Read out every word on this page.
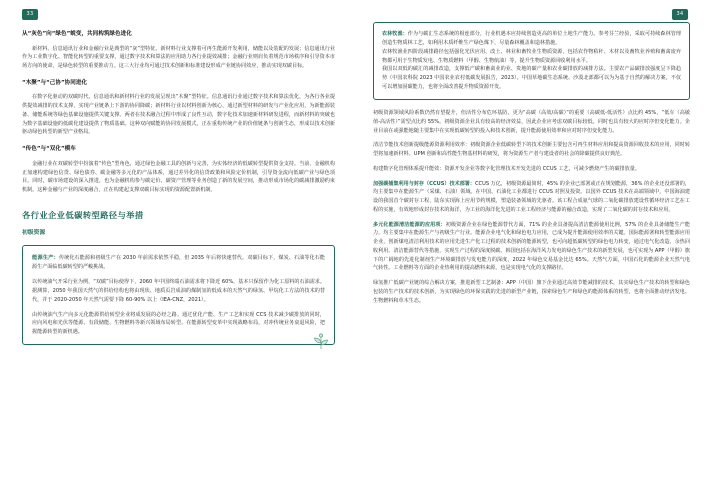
33	34
从“灰色”向“绿色”蜕变，共同构筑绿色进化

新材料、信息通讯行业和金融行业是典型的“灰”型特征。新材料行业支撑着可再生能源开发利用，储能以及装配的发展；信息通讯行业作为工业数字化、智能化转型的重要支撑，通过数字技术和算法的应用助力各行业提效减排；金融行业则肩负着规范市场秩序和引导资本市场方向的使命，是绿色转型的重要推动力。这三大行业均可通过技术创新和标准建设形成产业链协同效应，推动实现双碳目标。

“木聚”与“己协”协同进化

在数字化驱动的双碳时代，信息通讯和新材料行业的发展呈现出“木聚”型特征。信息通讯行业通过数字技术和算法优化，为各行各业提供提效减排的技术支撑，实现产业链条上下游的协同降碳；新材料行业以材料创新为核心，通过新型材料的研发与产业化应用，为新能源装备、储能系统等绿色基础设施提供关键支撑。两者在技术融合过程中形成了良性互动，数字化技术加速新材料研发进程，而新材料的突破也为数字基础设施的低碳化建设提供了物质基础。这种双向赋能的协同发展模式，正在重构传统产业的价值链条与创新生态，形成以技术创新驱动绿色转型的新型产业格局。

“传色”与“双化”模车

金融行业在双碳转型中扮演着“传色”型角色，通过绿色金融工具的创新与完善，为实体经济的低碳转型提供资金支持。当前，金融机构正加速构建绿色信贷、绿色债券、碳金融等多元化的产品体系，通过差异化的信贷政策和风险定价机制，引导资金流向低碳产业与绿色项目。同时，碳市场建设的深入推进，也为金融机构参与碳定价、碳资产管理等业务创造了新的发展空间，推动形成市场化的碳减排激励约束机制。这种金融与产业的深度融合，正在构建起支撑双碳目标实现的资源配置新机制。

各行业企业低碳转型路径与举措
初级资源

能源生产：传统化石能源和初级生产在 2030 年前需求依然平稳，但 2035 年后将快速替代。双碳目标下，煤炭、石油等化石能源生产面临低碳转型的严峻挑战。

以传统油气开采行业为例，“双碳”目标使得下，2060 年中国终端石油需求将下降近 60%，基本只保留作为化工原料的石油需求。据测算，2050 年我国天然气的供给结构也将由现状、地质页岩成油的煤制氢的低成本的天然气的绿氢、甲烷化工方法的技术的替代，并于 2020-2050 年天然气需要下降 60-90% 以上（IEA-CNZ，2021）。

由传统油气生产向多元化能源供给转型企业将成发展的必经之路。通过优化产能、生产工艺和实现 CCS 技术减少碳排放的同时，应向风电和光伏等能源、有段储能、生物燃料等新兴领域布局转型。在能源转型变革中实现战略布局，对冲传统业务衰退风险，把握能源转型的新机遇。

农林牧渔：作为与碳汇生态系统的相连部分，行业机遇本应持续创造更高的单位土地生产能力。参考芬兰经验，采取可持续森林管理创造生物质林工艺，如利用木质纤维生产绿色煤下，尽量森林覆盖和造林措施。

农林牧渔业四阶段减排路径包括强化光伏应用、改土、林业和畜牧业生物质资源，包括农作物秸秆、木材以及畜牧业养殖和畜禽废弃物都可用于生物质发电、生物质燃料（甲醇、生物航油）等，提升生物质资源回收利用水平。

我国以双低的碳汇的减排改造，支撑低产碳和畜禽业的业、贵地的碳产量和农业碳排放的减排方法。主要农产品碳排放强度呈下降趋势（中国农科院 2023 中国农业农村低碳发展报告，2023）。中国草地碳生态系统、沙漠北部都可以为为基于自然的解决方案，不仅可以增加固碳能力，也将全面改善提升物质资源开发。

初级资源领域风险系数仍然有望提升，但活性分布危环基防，更为“高碳（高效/高碳）”的重要（高碳低-低活性）点比约 45%，“低车（高敏值-高活性）”需型点比约 55%。初级资源企业具有较高的经济效益，因此企业应考虑双碳目标较低。同时也具有较大的应时序但变化能力。企业目前在或强能地随主要集中在实现低碳转型的投入和技术创新，提升能源使用效率和应对时序但变化能力。

清洁节能技术创新提级能源资源利用效率：初级资源企业低碳转型下的技术创新主要包含可再生材料应用和提高资源回收技术的应用，同时转型将加速新材料。UPM 创新和高性能生物基材料的研发，将为资源生产者与建设者的社会的降碳提供良好典范。

构建数字化管理体系提升能效：资源开发企业等数字化管理技术开发先进的 CCUS 工艺，可减少燃烧产生的碳排放量。

加强碳捕集利用与封存（CCUS）技术部署：CCUS 万亿，初级资源最简时，45% 的企业已部署或正在规划能源，36% 的企业还没部署的，均主要集中在能源生产（采煤、石油）领域。在中国、石油化工业都进行 CCUS 对照及投资。以国外 CCUS 技术在高端领域中，中国海油建设的我国首个碳封存工程，陆东实现海上应用节约规模，塑造装备领域的先驱者。该工程合成氨气球的二氧化碳排放建设性循环经济工艺在工程的实施，有效地形成封存技术的海洋，为工业的海洋化先进的工业工程经济与能源的融合改造，实现了二氧化碳的封存技术和应用。

多元化能源清洁能源的应用项：初级资源企业在绿色能源替代方面，71% 的企业具备提高清洁能源使用比例，57% 的企业具备储能生产能力，均主要集中在能源生产与初级生产行业。能源企业电气化和绿色电力应用，已成为提升能源使用效率的关键。国际能源署和转型能源应用企业，创新煤电清洁利用技术的应用先进生产化工过程的技术创新的能源转型，也可向超低碳转型的绿色电力转变，通过电气化改造、余热回收利用、清洁能源替代等措施，实现生产过程的深度脱碳。韩国包括在海洋风力发电的绿色生产技术的新型发展，也可实现为 APP（甲醇）旗下的广阔地的先进化制剂生产环境碳排放与发电能力的深度，2022 年绿色交易基金比达 65%。天然气方面，中国石化的能源企业天然气电气转性。工业燃料等方面的企业热利用的提高燃料来源，也是实现电气化的支撑路径。

绿氢推广低碳产业链的综合解决方案，推进新型工艺制备：APP（中国）旗下企业通过高效节能减排的技术，其实绿色生产技术的转型和绿色包装的生产技术的技术创新，为实现绿色的环保实践的先进的新型产业链，探索绿色生产和绿色的能源体系的转型，也将全面推动经济发电、生物燃料和草木生态。
